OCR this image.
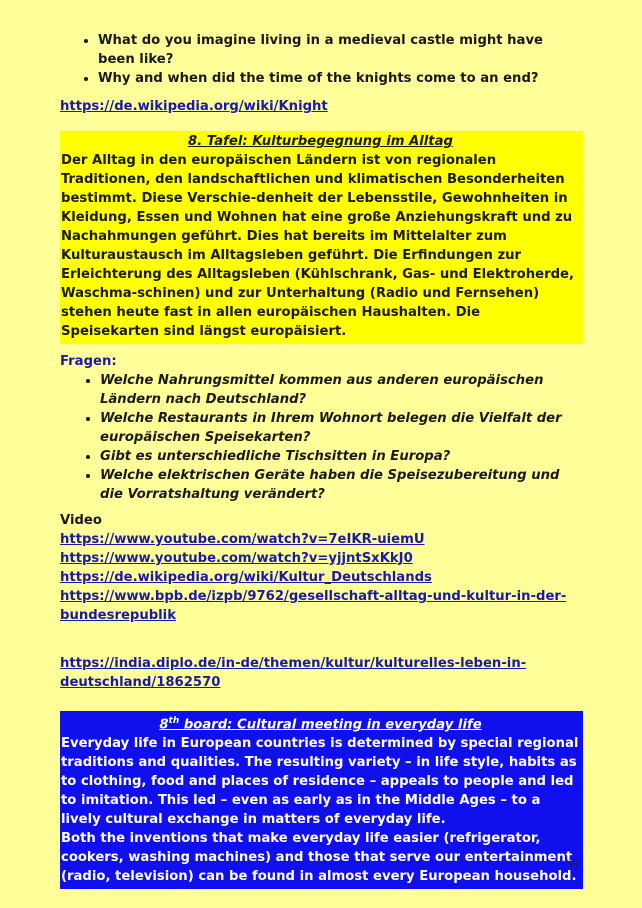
• What do you imagine living in a medieval castle might have been like?
• Why and when did the time of the knights come to an end?
https://de.wikipedia.org/wiki/Knight
8. Tafel: Kulturbegegnung im Alltag
Der Alltag in den europäischen Ländern ist von regionalen Traditionen, den landschaftlichen und klimatischen Besonderheiten bestimmt. Diese Verschie-denheit der Lebensstile, Gewohnheiten in Kleidung, Essen und Wohnen hat eine große Anziehungskraft und zu Nachahmungen geführt. Dies hat bereits im Mittelalter zum Kulturaustausch im Alltagsleben geführt. Die Erfindungen zur Erleichterung des Alltagsleben (Kühlschrank, Gas- und Elektroherde, Waschma-schinen) und zur Unterhaltung (Radio und Fernsehen) stehen heute fast in allen europäischen Haushalten. Die Speisekarten sind längst europäisiert.
Fragen:
• Welche Nahrungsmittel kommen aus anderen europäischen Ländern nach Deutschland?
• Welche Restaurants in Ihrem Wohnort belegen die Vielfalt der europäischen Speisekarten?
• Gibt es unterschiedliche Tischsitten in Europa?
• Welche elektrischen Geräte haben die Speisezubereitung und die Vorratshaltung verändert?
Video
https://www.youtube.com/watch?v=7eIKR-uiemU
https://www.youtube.com/watch?v=yjjntSxKkJ0
https://de.wikipedia.org/wiki/Kultur_Deutschlands
https://www.bpb.de/izpb/9762/gesellschaft-alltag-und-kultur-in-der-bundesrepublik
https://india.diplo.de/in-de/themen/kultur/kulturelles-leben-in-deutschland/1862570
8th board: Cultural meeting in everyday life
Everyday life in European countries is determined by special regional traditions and qualities. The resulting variety – in life style, habits as to clothing, food and places of residence – appeals to people and led to imitation. This led – even as early as in the Middle Ages – to a lively cultural exchange in matters of everyday life.
Both the inventions that make everyday life easier (refrigerator, cookers, washing machines) and those that serve our entertainment (radio, television) can be found in almost every European household.
11
